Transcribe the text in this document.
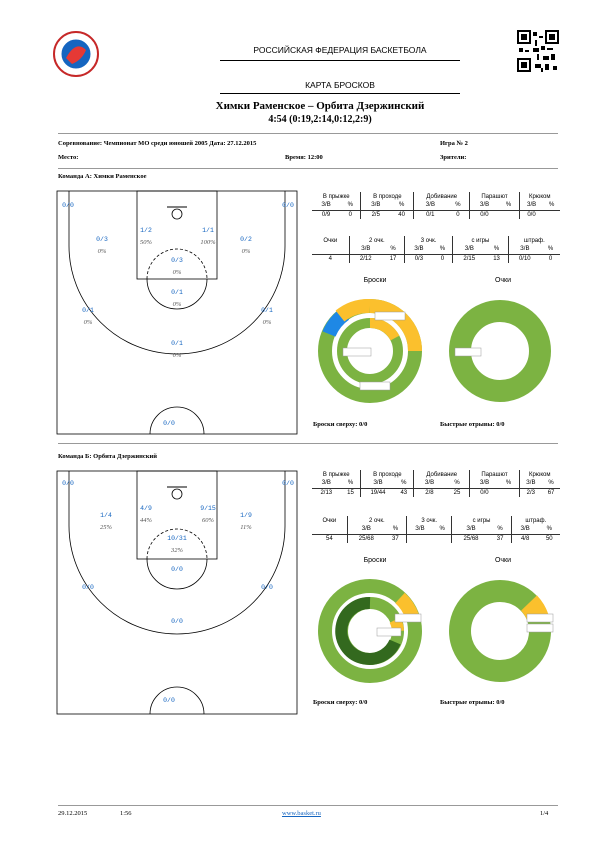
РОССИЙСКАЯ ФЕДЕРАЦИЯ БАСКЕТБОЛА
КАРТА БРОСКОВ
Химки Раменское – Орбита Дзержинский
4:54 (0:19,2:14,0:12,2:9)
Соревнование: Чемпионат МО среди юношей 2005 Дата: 27.12.2015	Игра № 2
Место:	Время: 12:00	Зрители:
Команда А: Химки Раменское
0/0	0/0
0/3
0%
1/2
50%
1/1
100%	0/2
0%
0/3
0%
0/1
0%
0/1
0%
0/1
0%
0/1
0%
0/0
В прыжке		В проходе		Добивание		Парашют		Крюком	
З/В	%	З/В	%	З/В	%	З/В	%	З/В	%
0/9	0	2/5	40	0/1	0	0/0		0/0	
Очки	2 очк.		3 очк.		с игры		штраф.	
	З/В	%	З/В	%	З/В	%	З/В	%
4	2/12	17	0/3	0	2/15	13	0/10	0
Броски	Очки
Броски сверху: 0/0	Быстрые отрывы: 0/0
Команда Б: Орбита Дзержинский
0/0	0/0
1/4
25%
4/9
44%
9/15
60%
1/9
11%
10/31
32%
0/0
0/0	0/0
0/0
0/0
В прыжке		В проходе		Добивание		Парашют		Крюком	
З/В	%	З/В	%	З/В	%	З/В	%	З/В	%
2/13	15	19/44	43	2/8	25	0/0		2/3	67
Очки	2 очк.		3 очк.		с игры		штраф.	
	З/В	%	З/В	%	З/В	%	З/В	%
54	25/68	37			25/68	37	4/8	50
Броски	Очки
Броски сверху: 0/0	Быстрые отрывы: 0/0
29.12.2015	1:56	www.basket.ru	1/4
